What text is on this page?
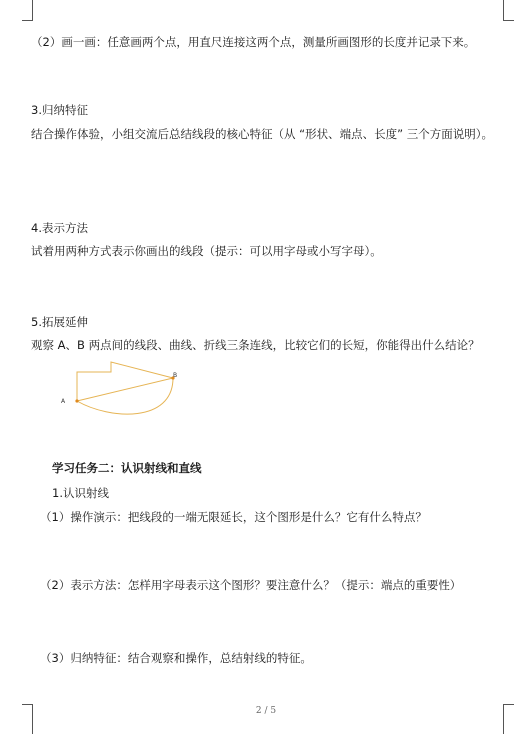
（2）画一画：任意画两个点，用直尺连接这两个点，测量所画图形的长度并记录下来。
3.归纳特征
结合操作体验，小组交流后总结线段的核心特征（从 “形状、端点、长度” 三个方面说明）。
4.表示方法
试着用两种方式表示你画出的线段（提示：可以用字母或小写字母）。
5.拓展延伸
观察 A、B 两点间的线段、曲线、折线三条连线，比较它们的长短，你能得出什么结论？
A
B
学习任务二：认识射线和直线
1.认识射线
（1）操作演示：把线段的一端无限延长，这个图形是什么？它有什么特点？
（2）表示方法：怎样用字母表示这个图形？要注意什么？（提示：端点的重要性）
（3）归纳特征：结合观察和操作，总结射线的特征。
2 / 5
